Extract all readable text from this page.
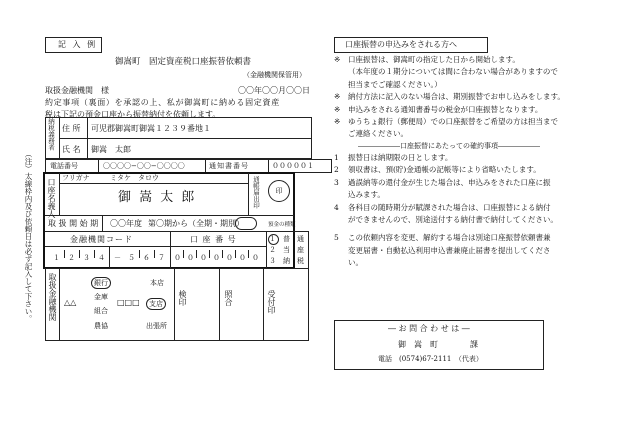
記 入 例
御嵩町　固定資産税口座振替依頼書
（金融機関保管用）
取扱金融機関　様	〇〇年〇〇月〇〇日
約定事項（裏面）を承認の上、私が御嵩町に納める固定資産
税は下記の預金口座から振替納付を依頼します。
（注）太線枠内及び依頼日は必ず記入して下さい。
納税義務者 住 所 可児郡御嵩町御嵩１２３９番地１
氏 名 御嵩　太郎
電話番号	〇〇〇〇−〇〇−〇〇〇〇	通知書番号	０００００１
口座名義人 フリガナ	ミタケ　タロウ
御 嵩 太 郎	通帳届出印 印
取 扱 開 始 期 〇〇年度 第〇期から（全期・期別）	預金の種類
金融機関コード	口 座 番 号
１ ２ ３ ４	５ ６ ７ ０ ０ ０ ０ ０ ０ ０
－
１ 普　通
２ 当　座
３ 納　税
取扱金融機関 △△
銀行
金庫
組合
農協
□□□
本店
支店
出張所
検印	照合	受付印
口座振替の申込みをされる方へ
※ 口座振替は、御嵩町の指定した日から開始します。
（本年度の１期分については間に合わない場合がありますので
担当までご確認ください。）
※ 納付方法に記入のない場合は、期別振替でお申し込みをします。
※ 申込みをされる通知書番号の税金が口座振替となります。
※ ゆうちょ銀行（郵便局）での口座振替をご希望の方は担当まで
ご連絡ください。
――――――口座振替にあたっての確約事項――――――
1 振替日は納期限の日とします。
2 領収書は、預(貯)金通帳の記帳等により省略いたします。
3 過誤納等の還付金が生じた場合は、申込みをされた口座に振
込みます。
4 各科目の随時期分が賦課された場合は、口座振替による納付
ができませんので、別途送付する納付書で納付してください。
5 この依頼内容を変更、解約する場合は別途口座振替依頼書兼
変更届書・自動払込利用申込書兼廃止届書を提出してくださ
い。
― お 問 合 わ せ は ―
御　嵩　町　　　　課
電話　(0574)67-2111　（代表）
